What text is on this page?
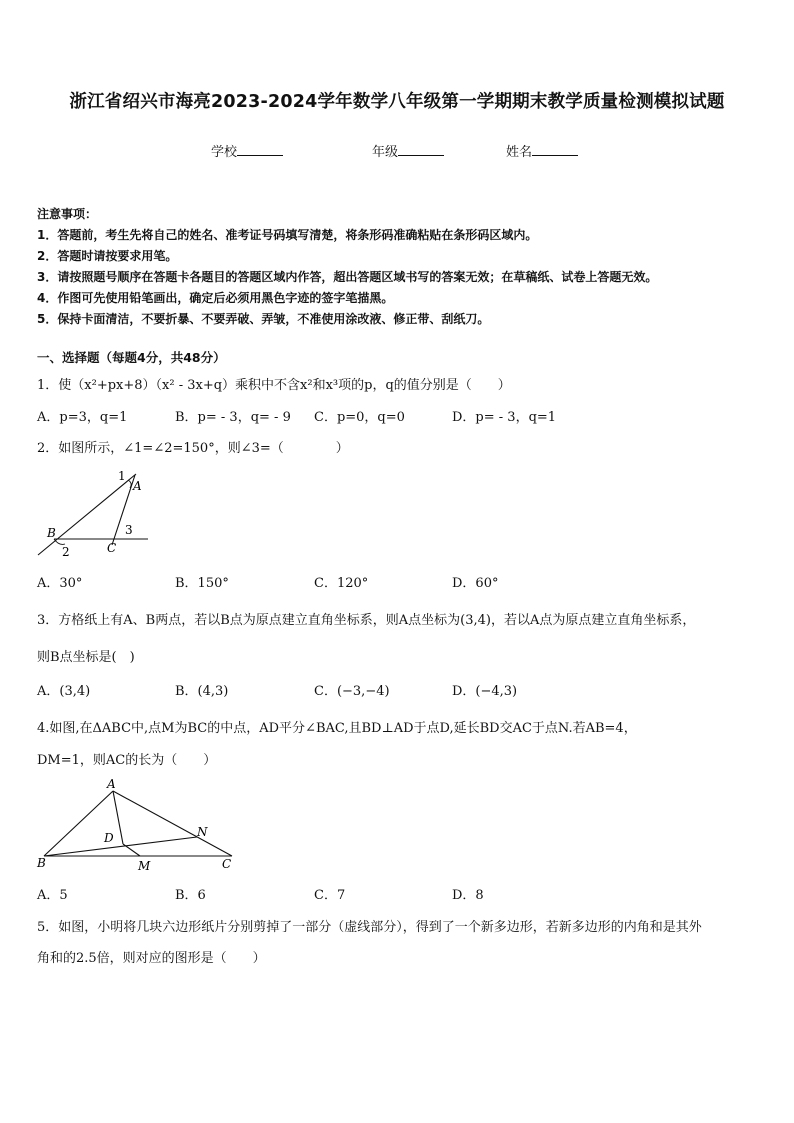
浙江省绍兴市海亮2023-2024学年数学八年级第一学期期末教学质量检测模拟试题
学校	年级	姓名
注意事项：
1．答题前，考生先将自己的姓名、准考证号码填写清楚，将条形码准确粘贴在条形码区域内。
2．答题时请按要求用笔。
3．请按照题号顺序在答题卡各题目的答题区域内作答，超出答题区域书写的答案无效；在草稿纸、试卷上答题无效。
4．作图可先使用铅笔画出，确定后必须用黑色字迹的签字笔描黑。
5．保持卡面清洁，不要折暴、不要弄破、弄皱，不准使用涂改液、修正带、刮纸刀。
一、选择题（每题4分，共48分）
1．使（x²+px+8）（x² - 3x+q）乘积中不含x²和x³项的p，q的值分别是（　　）
A．p=3，q=1	B．p= - 3，q= - 9 C．p=0，q=0	D．p= - 3，q=1
2．如图所示，∠1=∠2=150°，则∠3=（　　　　）
1
A
B
2	C
3
A．30°	B．150°	C．120°	D．60°
3．方格纸上有A、B两点，若以B点为原点建立直角坐标系，则A点坐标为(3,4)，若以A点为原点建立直角坐标系，
则B点坐标是(　)
A．(3,4)	B．(4,3)	C．(−3,−4)	D．(−4,3)
4.如图,在ΔABC中,点M为BC的中点，AD平分∠BAC,且BD⊥AD于点D,延长BD交AC于点N.若AB=4，
DM=1，则AC的长为（　　）
A
B	C
D
M
N
A．5	B．6	C．7	D．8
5．如图，小明将几块六边形纸片分别剪掉了一部分（虚线部分），得到了一个新多边形，若新多边形的内角和是其外
角和的2.5倍，则对应的图形是（　　）
